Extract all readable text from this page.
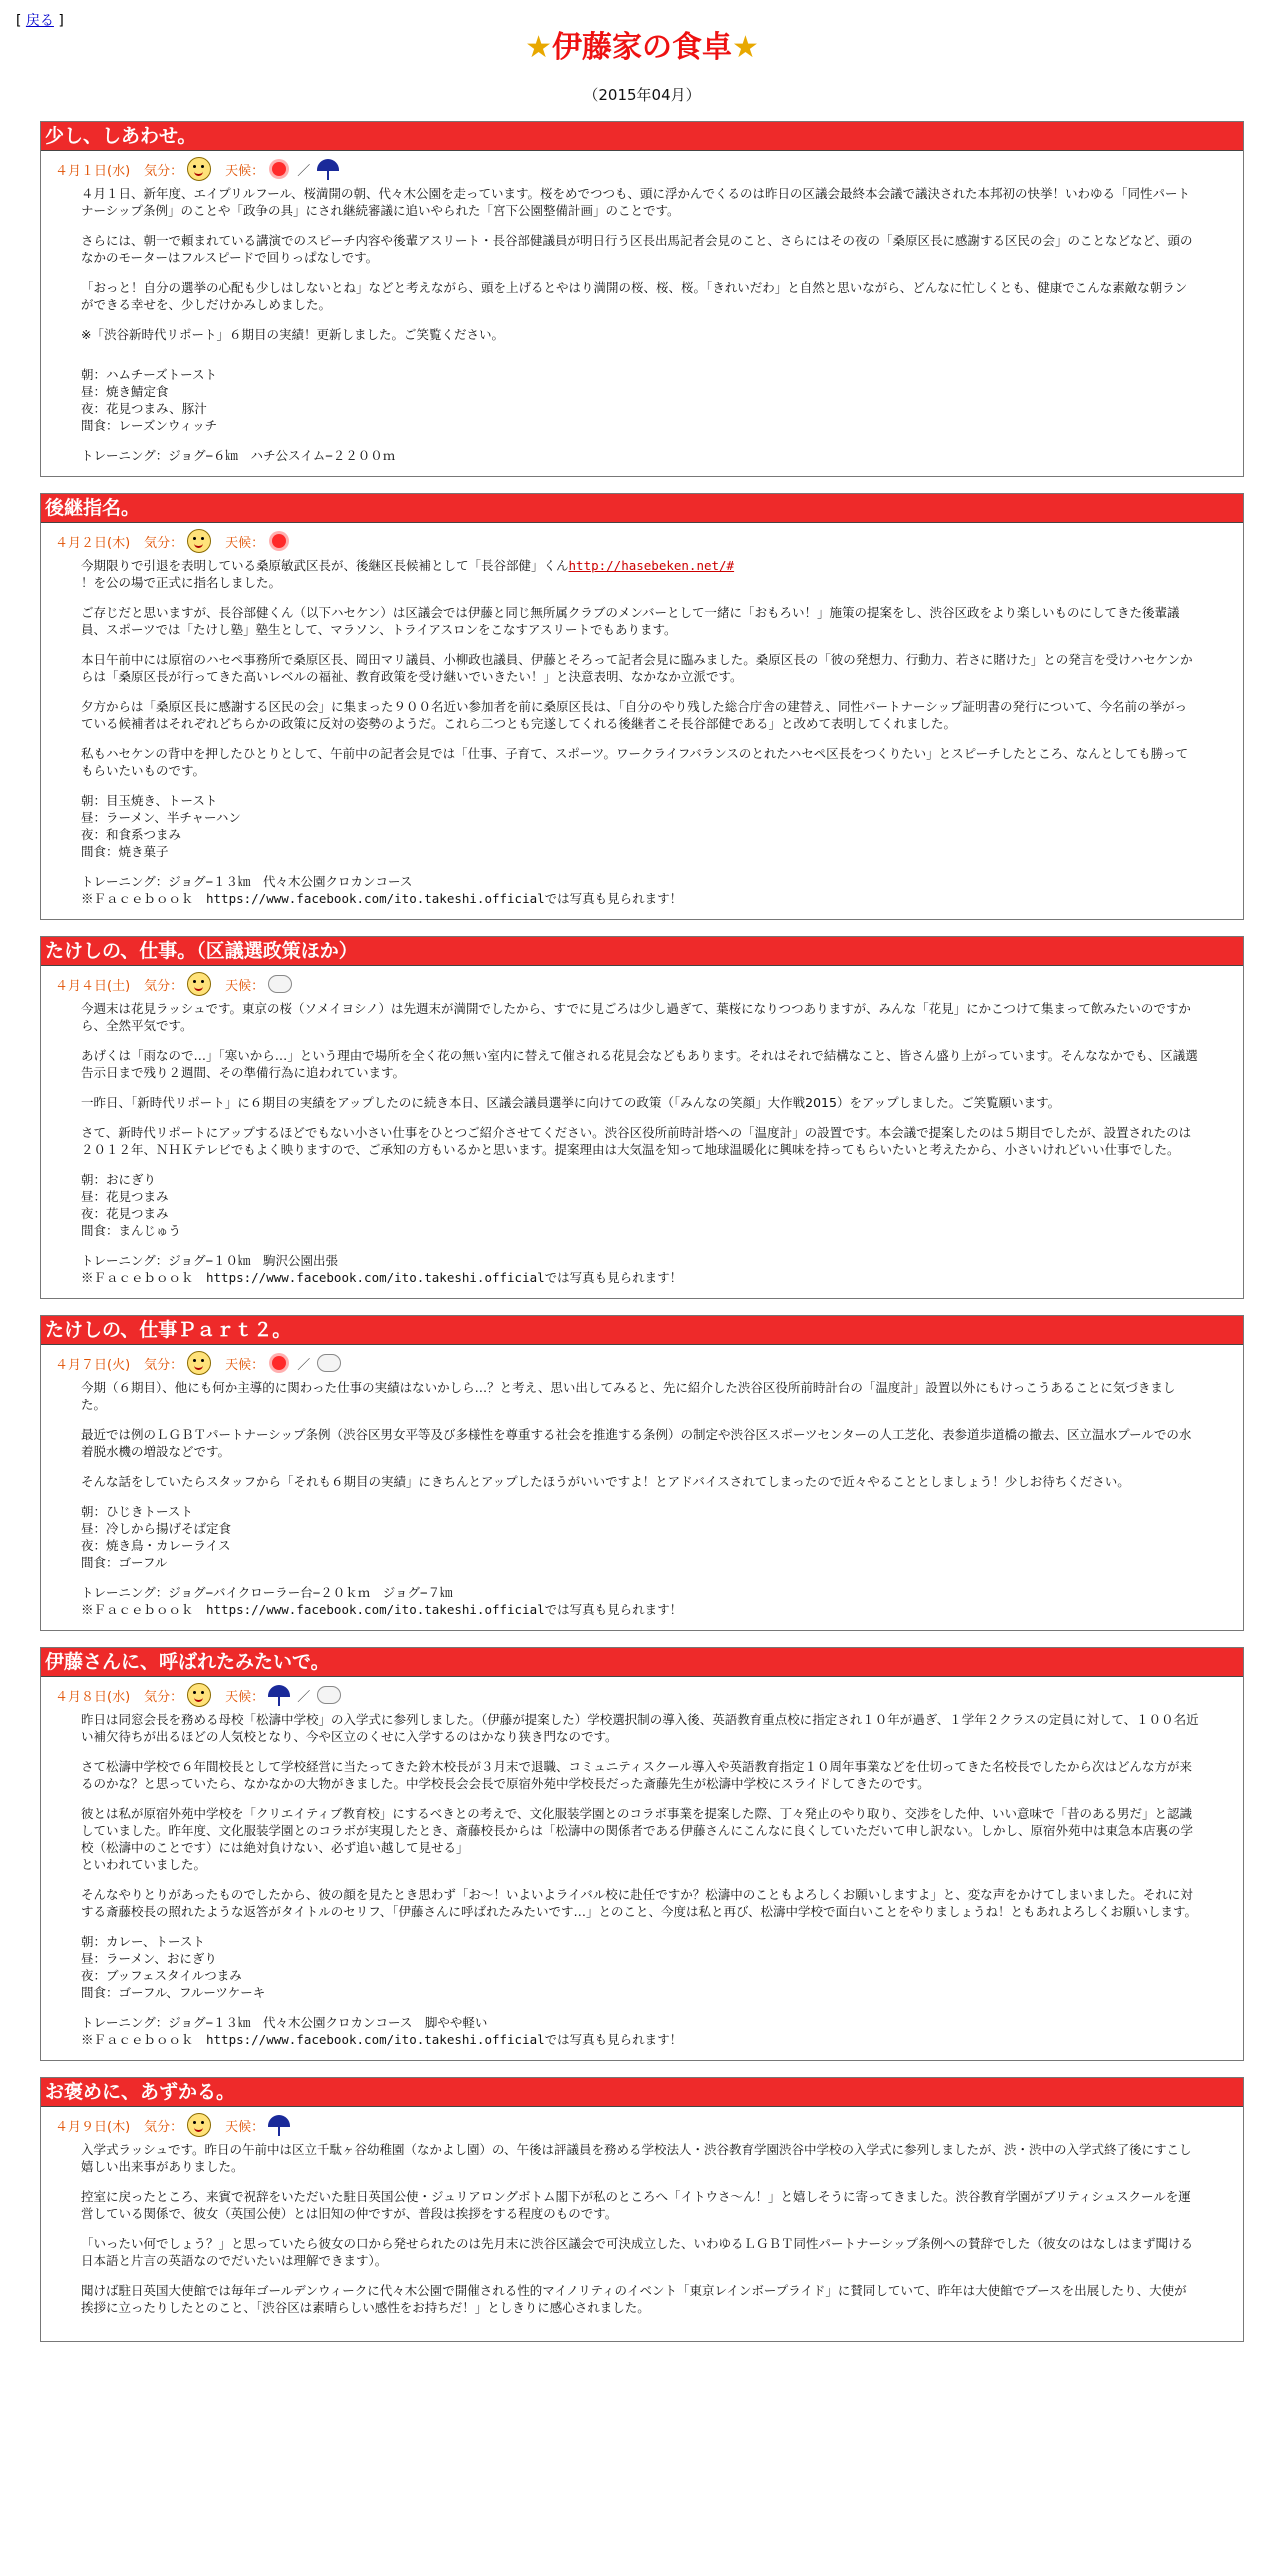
[ 戻る ]
★伊藤家の食卓★
（2015年04月）
少し、しあわせ。
４月１日(水) 気分：	天候：	／

４月１日、新年度、エイプリルフール、桜満開の朝、代々木公園を走っています。桜をめでつつも、頭に浮かんでくるのは昨日の区議会最終本会議で議決された本邦初の快挙！いわゆる「同性パートナーシップ条例」のことや「政争の具」にされ継続審議に追いやられた「宮下公園整備計画」のことです。

さらには、朝一で頼まれている講演でのスピーチ内容や後輩アスリート・長谷部健議員が明日行う区長出馬記者会見のこと、さらにはその夜の「桑原区長に感謝する区民の会」のことなどなど、頭のなかのモーターはフルスピードで回りっぱなしです。

「おっと！自分の選挙の心配も少しはしないとね」などと考えながら、頭を上げるとやはり満開の桜、桜、桜。「きれいだわ」と自然と思いながら、どんなに忙しくとも、健康でこんな素敵な朝ランができる幸せを、少しだけかみしめました。

※「渋谷新時代リポート」６期目の実績！更新しました。ご笑覧ください。

朝：ハムチーズトースト
昼：焼き鯖定食
夜：花見つまみ、豚汁
間食：レーズンウィッチ
トレーニング：ジョグ−６㎞　ハチ公スイム−２２００ｍ
後継指名。
４月２日(木) 気分：	天候：

今期限りで引退を表明している桑原敏武区長が、後継区長候補として「長谷部健」くんhttp://hasebeken.net/#
！を公の場で正式に指名しました。

ご存じだと思いますが、長谷部健くん（以下ハセケン）は区議会では伊藤と同じ無所属クラブのメンバーとして一緒に「おもろい！」施策の提案をし、渋谷区政をより楽しいものにしてきた後輩議員、スポーツでは「たけし塾」塾生として、マラソン、トライアスロンをこなすアスリートでもあります。

本日午前中には原宿のハセペ事務所で桑原区長、岡田マリ議員、小柳政也議員、伊藤とそろって記者会見に臨みました。桑原区長の「彼の発想力、行動力、若さに賭けた」との発言を受けハセケンからは「桑原区長が行ってきた高いレベルの福祉、教育政策を受け継いでいきたい！」と決意表明、なかなか立派です。

夕方からは「桑原区長に感謝する区民の会」に集まった９００名近い参加者を前に桑原区長は、「自分のやり残した総合庁舎の建替え、同性パートナーシップ証明書の発行について、今名前の挙がっている候補者はそれぞれどちらかの政策に反対の姿勢のようだ。これら二つとも完遂してくれる後継者こそ長谷部健である」と改めて表明してくれました。

私もハセケンの背中を押したひとりとして、午前中の記者会見では「仕事、子育て、スポーツ。ワークライフバランスのとれたハセペ区長をつくりたい」とスピーチしたところ、なんとしても勝ってもらいたいものです。

朝：目玉焼き、トースト
昼：ラーメン、半チャーハン
夜：和食系つまみ
間食：焼き菓子
トレーニング：ジョグ−１３㎞　代々木公園クロカンコース
※Ｆａｃｅｂｏｏｋ　https://www.facebook.com/ito.takeshi.officialでは写真も見られます！
たけしの、仕事。（区議選政策ほか）
４月４日(土) 気分：	天候：

今週末は花見ラッシュです。東京の桜（ソメイヨシノ）は先週末が満開でしたから、すでに見ごろは少し過ぎて、葉桜になりつつありますが、みんな「花見」にかこつけて集まって飲みたいのですから、全然平気です。

あげくは「雨なので…」「寒いから…」という理由で場所を全く花の無い室内に替えて催される花見会などもあります。それはそれで結構なこと、皆さん盛り上がっています。そんななかでも、区議選告示日まで残り２週間、その準備行為に追われています。

一昨日、「新時代リポート」に６期目の実績をアップしたのに続き本日、区議会議員選挙に向けての政策（「みんなの笑顔」大作戦2015）をアップしました。ご笑覧願います。

さて、新時代リポートにアップするほどでもない小さい仕事をひとつご紹介させてください。渋谷区役所前時計塔への「温度計」の設置です。本会議で提案したのは５期目でしたが、設置されたのは２０１２年、ＮＨＫテレビでもよく映りますので、ご承知の方もいるかと思います。提案理由は大気温を知って地球温暖化に興味を持ってもらいたいと考えたから、小さいけれどいい仕事でした。

朝：おにぎり
昼：花見つまみ
夜：花見つまみ
間食：まんじゅう
トレーニング：ジョグ−１０㎞　駒沢公園出張
※Ｆａｃｅｂｏｏｋ　https://www.facebook.com/ito.takeshi.officialでは写真も見られます！
たけしの、仕事Ｐａｒｔ２。
４月７日(火) 気分：	天候：	／

今期（６期目）、他にも何か主導的に関わった仕事の実績はないかしら…？と考え、思い出してみると、先に紹介した渋谷区役所前時計台の「温度計」設置以外にもけっこうあることに気づきました。

最近では例のＬＧＢＴパートナーシップ条例（渋谷区男女平等及び多様性を尊重する社会を推進する条例）の制定や渋谷区スポーツセンターの人工芝化、表参道歩道橋の撤去、区立温水プールでの水着脱水機の増設などです。

そんな話をしていたらスタッフから「それも６期目の実績」にきちんとアップしたほうがいいですよ！とアドバイスされてしまったので近々やることとしましょう！少しお待ちください。

朝：ひじきトースト
昼：冷しから揚げそば定食
夜：焼き鳥・カレーライス
間食：ゴーフル
トレーニング：ジョグ−バイクローラー台−２０ｋｍ　ジョグ−７㎞
※Ｆａｃｅｂｏｏｋ　https://www.facebook.com/ito.takeshi.officialでは写真も見られます！
伊藤さんに、呼ばれたみたいで。
４月８日(水) 気分：	天候：	／

昨日は同窓会長を務める母校「松濤中学校」の入学式に参列しました。（伊藤が提案した）学校選択制の導入後、英語教育重点校に指定され１０年が過ぎ、１学年２クラスの定員に対して、１００名近い補欠待ちが出るほどの人気校となり、今や区立のくせに入学するのはかなり狭き門なのです。

さて松濤中学校で６年間校長として学校経営に当たってきた鈴木校長が３月末で退職、コミュニティスクール導入や英語教育指定１０周年事業などを仕切ってきた名校長でしたから次はどんな方が来るのかな？と思っていたら、なかなかの大物がきました。中学校長会会長で原宿外苑中学校長だった斎藤先生が松濤中学校にスライドしてきたのです。

彼とは私が原宿外苑中学校を「クリエイティブ教育校」にするべきとの考えで、文化服装学園とのコラボ事業を提案した際、丁々発止のやり取り、交渉をした仲、いい意味で「昔のある男だ」と認識していました。昨年度、文化服装学園とのコラボが実現したとき、斎藤校長からは「松濤中の関係者である伊藤さんにこんなに良くしていただいて申し訳ない。しかし、原宿外苑中は東急本店裏の学校（松濤中のことです）には絶対負けない、必ず追い越して見せる」
といわれていました。

そんなやりとりがあったものでしたから、彼の顔を見たとき思わず「お～！いよいよライバル校に赴任ですか？松濤中のこともよろしくお願いしますよ」と、変な声をかけてしまいました。それに対する斎藤校長の照れたような返答がタイトルのセリフ、「伊藤さんに呼ばれたみたいです…」とのこと、今度は私と再び、松濤中学校で面白いことをやりましょうね！ともあれよろしくお願いします。

朝：カレー、トースト
昼：ラーメン、おにぎり
夜：ブッフェスタイルつまみ
間食：ゴーフル、フルーツケーキ
トレーニング：ジョグ−１３㎞　代々木公園クロカンコース　脚やや軽い
※Ｆａｃｅｂｏｏｋ　https://www.facebook.com/ito.takeshi.officialでは写真も見られます！
お褒めに、あずかる。
４月９日(木) 気分：	天候：

入学式ラッシュです。昨日の午前中は区立千駄ヶ谷幼稚園（なかよし園）の、午後は評議員を務める学校法人・渋谷教育学園渋谷中学校の入学式に参列しましたが、渋・渋中の入学式終了後にすこし嬉しい出来事がありました。

控室に戻ったところ、来賓で祝辞をいただいた駐日英国公使・ジュリアロングボトム閣下が私のところへ「イトウさ～ん！」と嬉しそうに寄ってきました。渋谷教育学園がブリティシュスクールを運営している関係で、彼女（英国公使）とは旧知の仲ですが、普段は挨拶をする程度のものです。

「いったい何でしょう？」と思っていたら彼女の口から発せられたのは先月末に渋谷区議会で可決成立した、いわゆるＬＧＢＴ同性パートナーシップ条例への賛辞でした（彼女のはなしはまず聞ける日本語と片言の英語なのでだいたいは理解できます）。

聞けば駐日英国大使館では毎年ゴールデンウィークに代々木公園で開催される性的マイノリティのイベント「東京レインボープライド」に賛同していて、昨年は大使館でブースを出展したり、大使が挨拶に立ったりしたとのこと、「渋谷区は素晴らしい感性をお持ちだ！」としきりに感心されました。
